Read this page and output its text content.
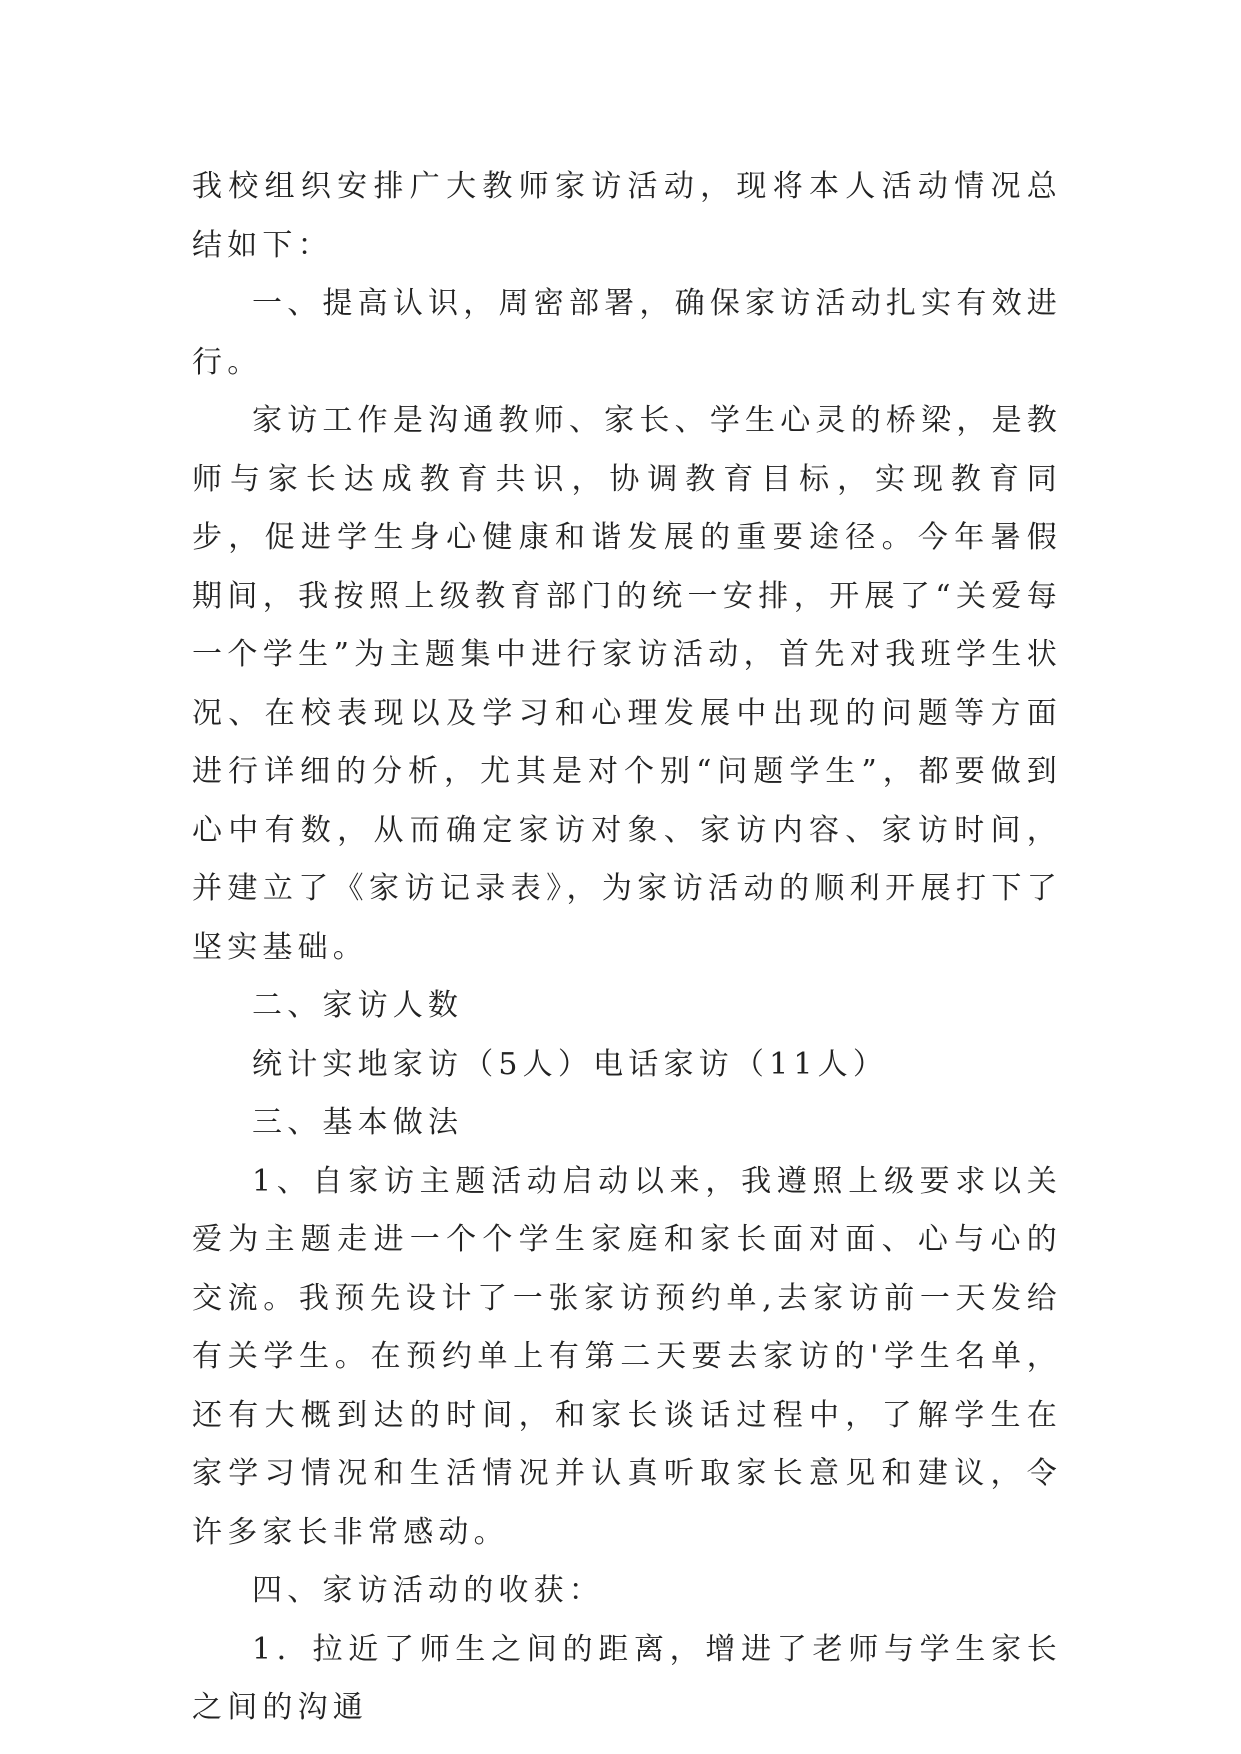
我校组织安排广大教师家访活动，现将本人活动情况总结如下：

一、提高认识，周密部署，确保家访活动扎实有效进行。

家访工作是沟通教师、家长、学生心灵的桥梁，是教师与家长达成教育共识，协调教育目标，实现教育同步，促进学生身心健康和谐发展的重要途径。今年暑假期间，我按照上级教育部门的统一安排，开展了“关爱每一个学生”为主题集中进行家访活动，首先对我班学生状况、在校表现以及学习和心理发展中出现的问题等方面进行详细的分析，尤其是对个别“问题学生”，都要做到心中有数，从而确定家访对象、家访内容、家访时间，并建立了《家访记录表》，为家访活动的顺利开展打下了坚实基础。

二、家访人数

统计实地家访（5人）电话家访（11人）

三、基本做法

1、自家访主题活动启动以来，我遵照上级要求以关爱为主题走进一个个学生家庭和家长面对面、心与心的交流。我预先设计了一张家访预约单,去家访前一天发给有关学生。在预约单上有第二天要去家访的'学生名单，还有大概到达的时间，和家长谈话过程中，了解学生在家学习情况和生活情况并认真听取家长意见和建议，令许多家长非常感动。

四、家访活动的收获：

1．拉近了师生之间的距离，增进了老师与学生家长之间的沟通
